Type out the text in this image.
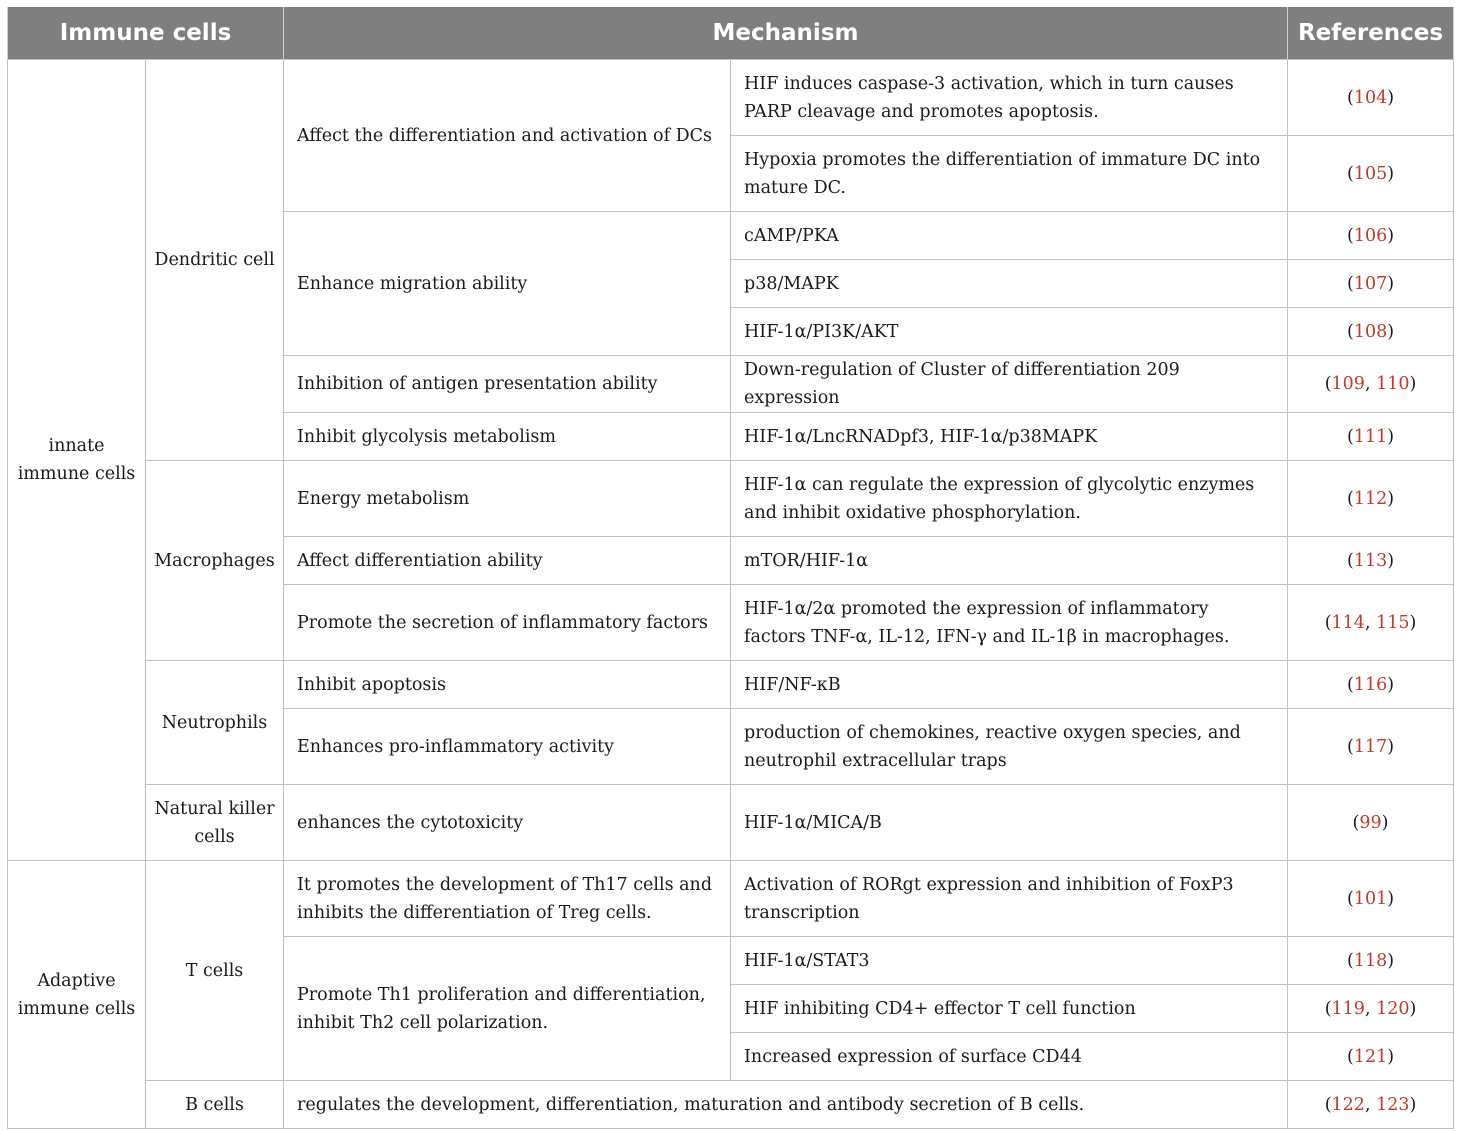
Immune cells		Mechanism		References
innate immune cells	Dendritic cell	Affect the differentiation and activation of DCs	HIF induces caspase-3 activation, which in turn causes PARP cleavage and promotes apoptosis.	(104)
			Hypoxia promotes the differentiation of immature DC into mature DC.	(105)
		Enhance migration ability	cAMP/PKA	(106)
			p38/MAPK	(107)
			HIF-1α/PI3K/AKT	(108)
		Inhibition of antigen presentation ability	Down-regulation of Cluster of differentiation 209 expression	(109, 110)
		Inhibit glycolysis metabolism	HIF-1α/LncRNADpf3, HIF-1α/p38MAPK	(111)
	Macrophages	Energy metabolism	HIF-1α can regulate the expression of glycolytic enzymes and inhibit oxidative phosphorylation.	(112)
		Affect differentiation ability	mTOR/HIF-1α	(113)
		Promote the secretion of inflammatory factors	HIF-1α/2α promoted the expression of inflammatory factors TNF-α, IL-12, IFN-γ and IL-1β in macrophages.	(114, 115)
	Neutrophils	Inhibit apoptosis	HIF/NF-κB	(116)
		Enhances pro-inflammatory activity	production of chemokines, reactive oxygen species, and neutrophil extracellular traps	(117)
	Natural killer cells	enhances the cytotoxicity	HIF-1α/MICA/B	(99)
Adaptive immune cells	T cells	It promotes the development of Th17 cells and inhibits the differentiation of Treg cells.	Activation of RORgt expression and inhibition of FoxP3 transcription	(101)
		Promote Th1 proliferation and differentiation, inhibit Th2 cell polarization.	HIF-1α/STAT3	(118)
			HIF inhibiting CD4+ effector T cell function	(119, 120)
			Increased expression of surface CD44	(121)
	B cells	regulates the development, differentiation, maturation and antibody secretion of B cells.		(122, 123)
